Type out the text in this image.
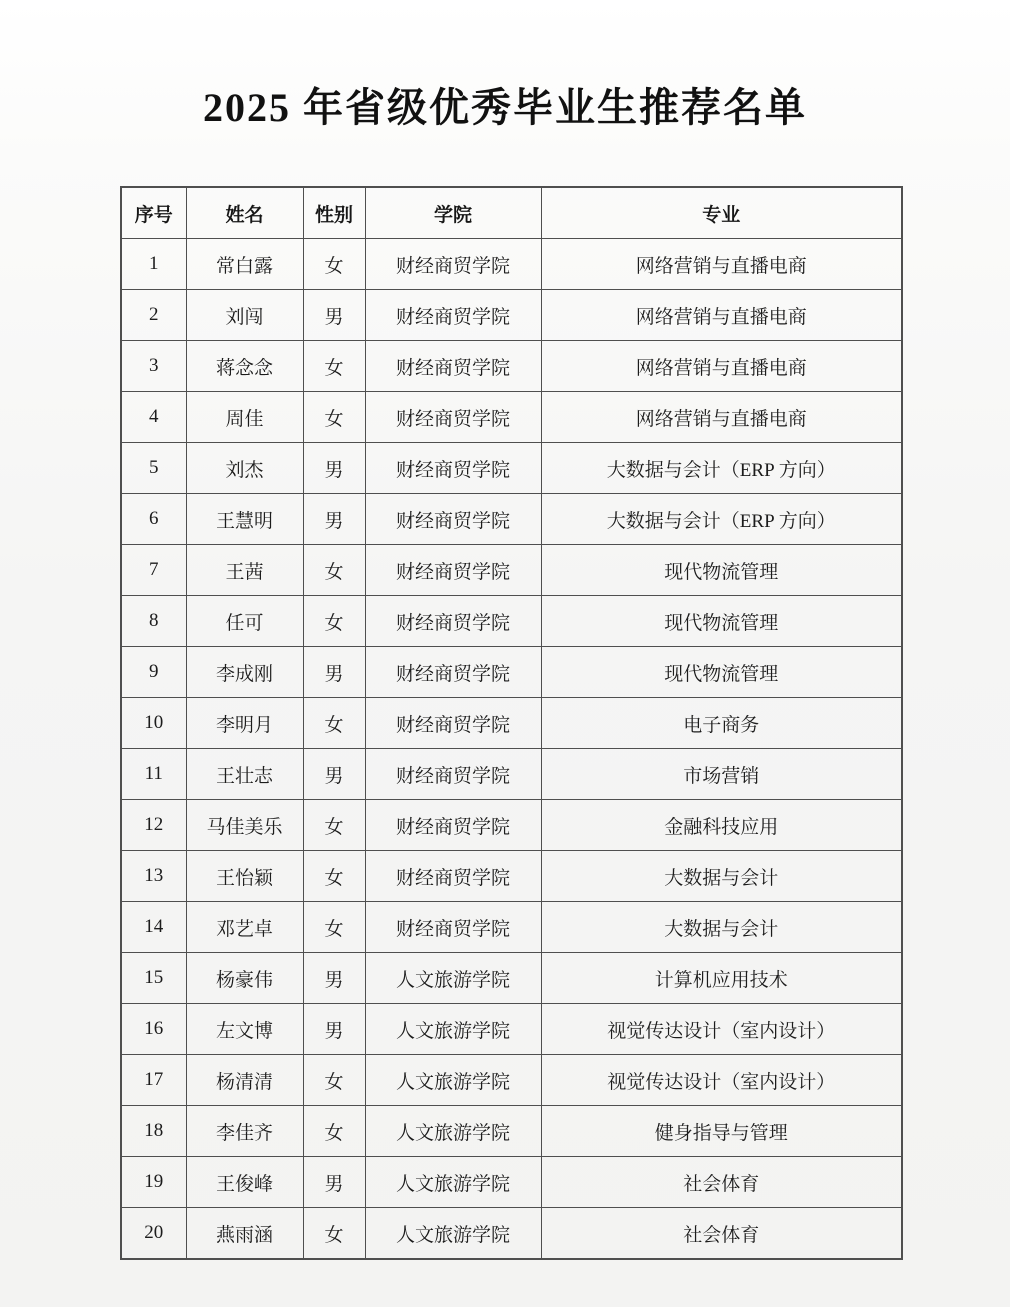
2025 年省级优秀毕业生推荐名单
序号	姓名	性别	学院	专业
1	常白露	女	财经商贸学院	网络营销与直播电商
2	刘闯	男	财经商贸学院	网络营销与直播电商
3	蒋念念	女	财经商贸学院	网络营销与直播电商
4	周佳	女	财经商贸学院	网络营销与直播电商
5	刘杰	男	财经商贸学院	大数据与会计（ERP 方向）
6	王慧明	男	财经商贸学院	大数据与会计（ERP 方向）
7	王茜	女	财经商贸学院	现代物流管理
8	任可	女	财经商贸学院	现代物流管理
9	李成刚	男	财经商贸学院	现代物流管理
10	李明月	女	财经商贸学院	电子商务
11	王壮志	男	财经商贸学院	市场营销
12	马佳美乐	女	财经商贸学院	金融科技应用
13	王怡颖	女	财经商贸学院	大数据与会计
14	邓艺卓	女	财经商贸学院	大数据与会计
15	杨豪伟	男	人文旅游学院	计算机应用技术
16	左文博	男	人文旅游学院	视觉传达设计（室内设计）
17	杨清清	女	人文旅游学院	视觉传达设计（室内设计）
18	李佳齐	女	人文旅游学院	健身指导与管理
19	王俊峰	男	人文旅游学院	社会体育
20	燕雨涵	女	人文旅游学院	社会体育
